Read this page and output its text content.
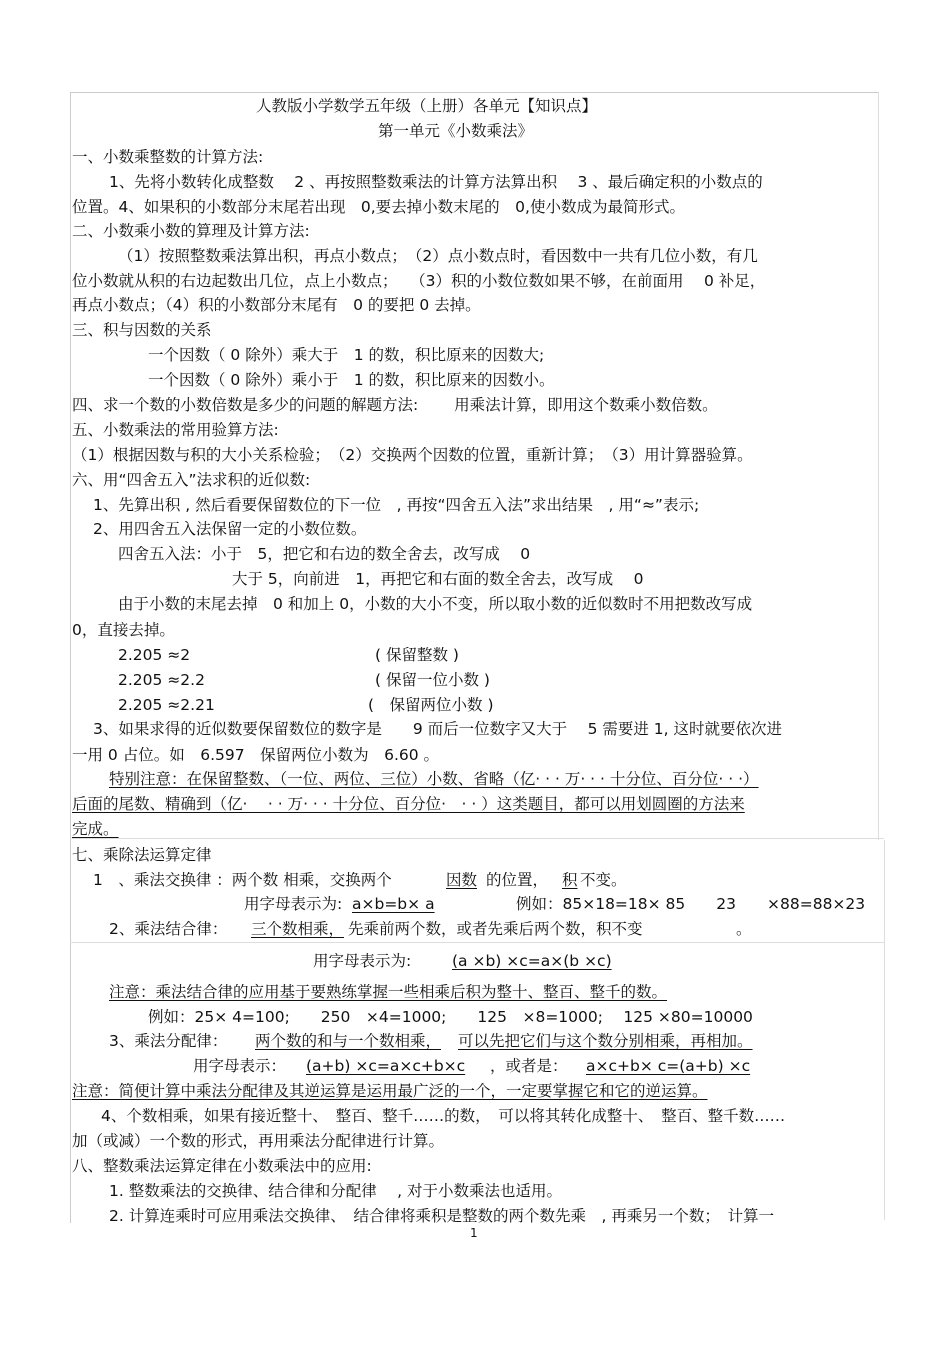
人教版小学数学五年级（上册）各单元【知识点】
第一单元《小数乘法》
一、小数乘整数的计算方法:
1、先将小数转化成整数　 2 、再按照整数乘法的计算方法算出积　 3 、最后确定积的小数点的
位置。4、如果积的小数部分末尾若出现　0,要去掉小数末尾的　0,使小数成为最简形式。
二、小数乘小数的算理及计算方法:
（1）按照整数乘法算出积，再点小数点；　（2）点小数点时，看因数中一共有几位小数，有几
位小数就从积的右边起数出几位，点上小数点；　 （3）积的小数位数如果不够，在前面用　 0 补足，
再点小数点；（4）积的小数部分末尾有　0 的要把 0 去掉。
三、积与因数的关系
一个因数（ 0 除外）乘大于　1 的数，积比原来的因数大;
一个因数（ 0 除外）乘小于　1 的数，积比原来的因数小。
四、求一个数的小数倍数是多少的问题的解题方法:　　 用乘法计算，即用这个数乘小数倍数。
五、小数乘法的常用验算方法:
（1）根据因数与积的大小关系检验；　（2）交换两个因数的位置，重新计算；　（3）用计算器验算。
六、用“四舍五入”法求积的近似数:
1、先算出积 , 然后看要保留数位的下一位　, 再按“四舍五入法”求出结果　, 用“≈”表示;
2、用四舍五入法保留一定的小数位数。
四舍五入法：小于　5，把它和右边的数全舍去，改写成　 0
大于 5，向前进　1，再把它和右面的数全舍去，改写成　 0
由于小数的末尾去掉　0 和加上 0，小数的大小不变，所以取小数的近似数时不用把数改写成
0，直接去掉。
2.205 ≈2	( 保留整数 )
2.205 ≈2.2	( 保留一位小数 )
2.205 ≈2.21	(　保留两位小数 )
3、如果求得的近似数要保留数位的数字是　　9 而后一位数字又大于　 5 需要进 1, 这时就要依次进
一用 0 占位。如　6.597　保留两位小数为　6.60 。
特别注意：在保留整数、（一位、两位、三位）小数、省略（亿· · · 万· · · 十分位、百分位· · ·）
后面的尾数、精确到（亿·　 · · 万· · · 十分位、百分位·　· · ）这类题目，都可以用划圆圈的方法来
完成。
七、乘除法运算定律
1　、乘法交换律 ：两个数 相乘，交换两个	因数 的位置， 积 不变。
用字母表示为: a×b=b× a	例如：85×18=18× 85　　23　　×88=88×23
2、乘法结合律： 三个数相乘， 先乘前两个数，或者先乘后两个数，积不变	。
用字母表示为:	(a ×b) ×c=a×(b ×c)
注意：乘法结合律的应用基于要熟练掌握一些相乘后积为整十、整百、整千的数。
例如：25× 4=100;　　250　×4=1000;　　125　×8=1000;　 125 ×80=10000
3、乘法分配律： 两个数的和与一个数相乘， 可以先把它们与这个数分别相乘，再相加。
用字母表示： (a+b) ×c=a×c+b×c ，或者是： a×c+b× c=(a+b) ×c
注意：简便计算中乘法分配律及其逆运算是运用最广泛的一个，一定要掌握它和它的逆运算。
4、个数相乘，如果有接近整十、　整百、整千……的数，　可以将其转化成整十、　整百、整千数……
加（或减）一个数的形式，再用乘法分配律进行计算。
八、整数乘法运算定律在小数乘法中的应用:
1. 整数乘法的交换律、结合律和分配律　 , 对于小数乘法也适用。
2. 计算连乘时可应用乘法交换律、　结合律将乘积是整数的两个数先乘　, 再乘另一个数；　计算一
1
